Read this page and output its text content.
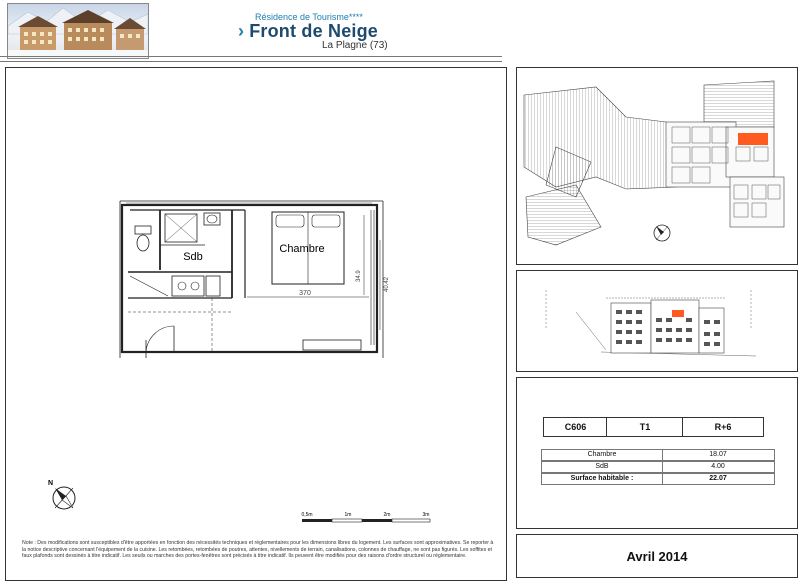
Résidence de Tourisme****
› Front de Neige
La Plagne (73)
Chambre
Sdb
370
34.9
40.42
N
0,5m	1m	2m	3m
Note : Des modifications sont susceptibles d'être apportées en fonction des nécessités techniques et réglementaires pour les dimensions libres du logement. Les surfaces sont approximatives. Se reporter à la notice descriptive concernant l'équipement de la cuisine. Les retombées, retombées de poutres, attentes, nivellements de terrain, canalisations, colonnes de chauffage, ne sont pas figurés. Les soffites et faux plafonds sont dessinés à titre indicatif. Les seuils ou marches des portes-fenêtres sont précisés à titre indicatif. Ils peuvent être modifiés pour des raisons d'ordre structurel ou réglementaire.	Avril 2014
C606	T1	R+6
Chambre	18.07
SdB	4.00
Surface habitable :	22.07
